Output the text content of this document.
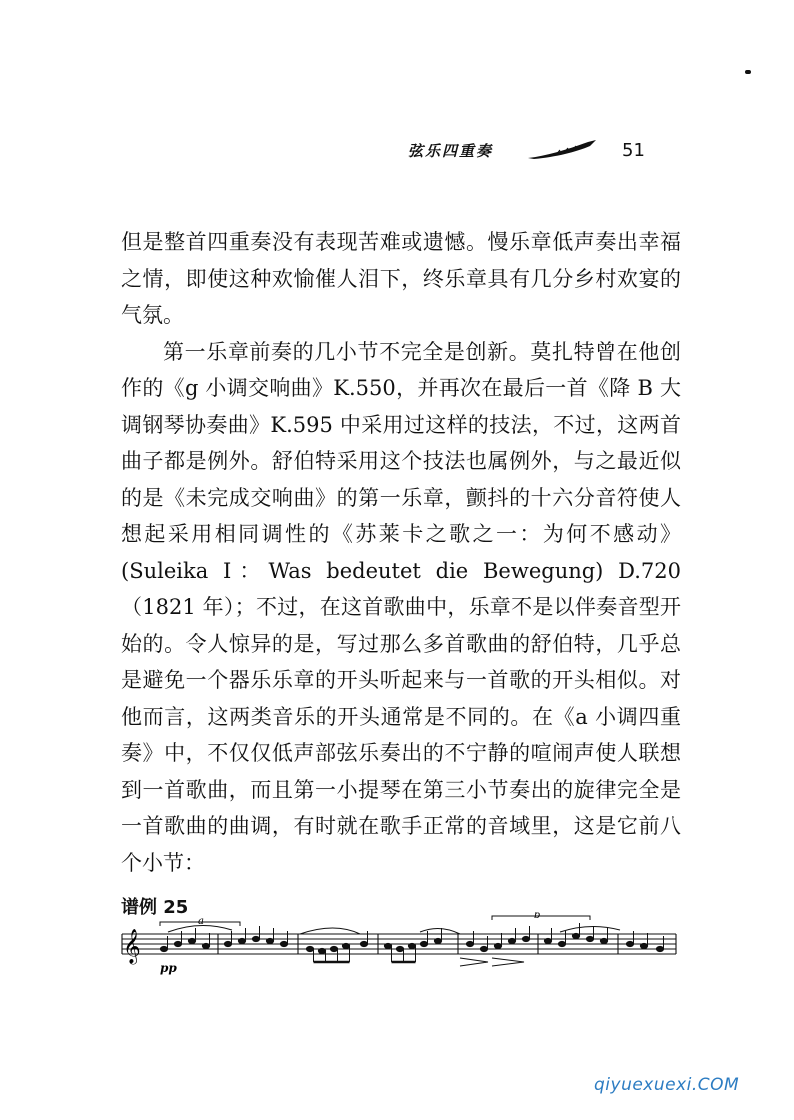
弦乐四重奏	51

但是整首四重奏没有表现苦难或遗憾。慢乐章低声奏出幸福之情，即使这种欢愉催人泪下，终乐章具有几分乡村欢宴的气氛。

第一乐章前奏的几小节不完全是创新。莫扎特曾在他创作的《g 小调交响曲》K.550，并再次在最后一首《降 B 大调钢琴协奏曲》K.595 中采用过这样的技法，不过，这两首曲子都是例外。舒伯特采用这个技法也属例外，与之最近似的是《未完成交响曲》的第一乐章，颤抖的十六分音符使人想起采用相同调性的《苏莱卡之歌之一：为何不感动》(Suleika I：Was bedeutet die Bewegung) D.720（1821 年）；不过，在这首歌曲中，乐章不是以伴奏音型开始的。令人惊异的是，写过那么多首歌曲的舒伯特，几乎总是避免一个器乐乐章的开头听起来与一首歌的开头相似。对他而言，这两类音乐的开头通常是不同的。在《a 小调四重奏》中，不仅仅低声部弦乐奏出的不宁静的喧闹声使人联想到一首歌曲，而且第一小提琴在第三小节奏出的旋律完全是一首歌曲的曲调，有时就在歌手正常的音域里，这是它前八个小节：

谱例 25
𝄞
a
b
pp
qiyuexuexi.COM
